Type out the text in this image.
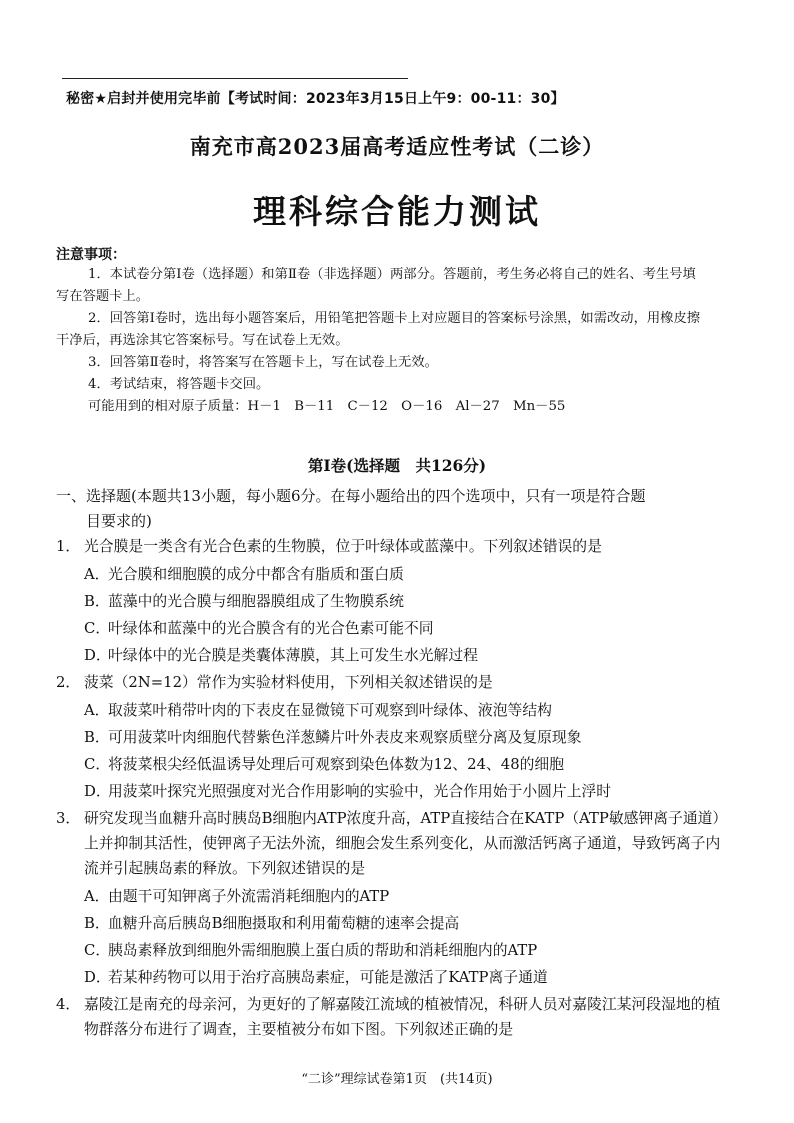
秘密★启封并使用完毕前【考试时间：2023年3月15日上午9：00-11：30】
南充市高2023届高考适应性考试（二诊）
理科综合能力测试
注意事项：
1．本试卷分第Ⅰ卷（选择题）和第Ⅱ卷（非选择题）两部分。答题前，考生务必将自己的姓名、考生号填写在答题卡上。
2．回答第Ⅰ卷时，选出每小题答案后，用铅笔把答题卡上对应题目的答案标号涂黑，如需改动，用橡皮擦干净后，再选涂其它答案标号。写在试卷上无效。
3．回答第Ⅱ卷时，将答案写在答题卡上，写在试卷上无效。
4．考试结束，将答题卡交回。
可能用到的相对原子质量：H－1　B－11　C－12　O－16　Al－27　Mn－55
第Ⅰ卷(选择题　共126分)
一、选择题(本题共13小题，每小题6分。在每小题给出的四个选项中，只有一项是符合题
目要求的)
1． 光合膜是一类含有光合色素的生物膜，位于叶绿体或蓝藻中。下列叙述错误的是
A．光合膜和细胞膜的成分中都含有脂质和蛋白质
B．蓝藻中的光合膜与细胞器膜组成了生物膜系统
C．叶绿体和蓝藻中的光合膜含有的光合色素可能不同
D．叶绿体中的光合膜是类囊体薄膜，其上可发生水光解过程
2． 菠菜（2N=12）常作为实验材料使用，下列相关叙述错误的是
A．取菠菜叶稍带叶肉的下表皮在显微镜下可观察到叶绿体、液泡等结构
B．可用菠菜叶肉细胞代替紫色洋葱鳞片叶外表皮来观察质壁分离及复原现象
C．将菠菜根尖经低温诱导处理后可观察到染色体数为12、24、48的细胞
D．用菠菜叶探究光照强度对光合作用影响的实验中，光合作用始于小圆片上浮时
3． 研究发现当血糖升高时胰岛B细胞内ATP浓度升高，ATP直接结合在KATP（ATP敏感钾离子通道）上并抑制其活性，使钾离子无法外流，细胞会发生系列变化，从而激活钙离子通道，导致钙离子内流并引起胰岛素的释放。下列叙述错误的是
A．由题干可知钾离子外流需消耗细胞内的ATP
B．血糖升高后胰岛B细胞摄取和利用葡萄糖的速率会提高
C．胰岛素释放到细胞外需细胞膜上蛋白质的帮助和消耗细胞内的ATP
D．若某种药物可以用于治疗高胰岛素症，可能是激活了KATP离子通道
4． 嘉陵江是南充的母亲河，为更好的了解嘉陵江流域的植被情况，科研人员对嘉陵江某河段湿地的植物群落分布进行了调查，主要植被分布如下图。下列叙述正确的是
“二诊”理综试卷第1页　(共14页)
